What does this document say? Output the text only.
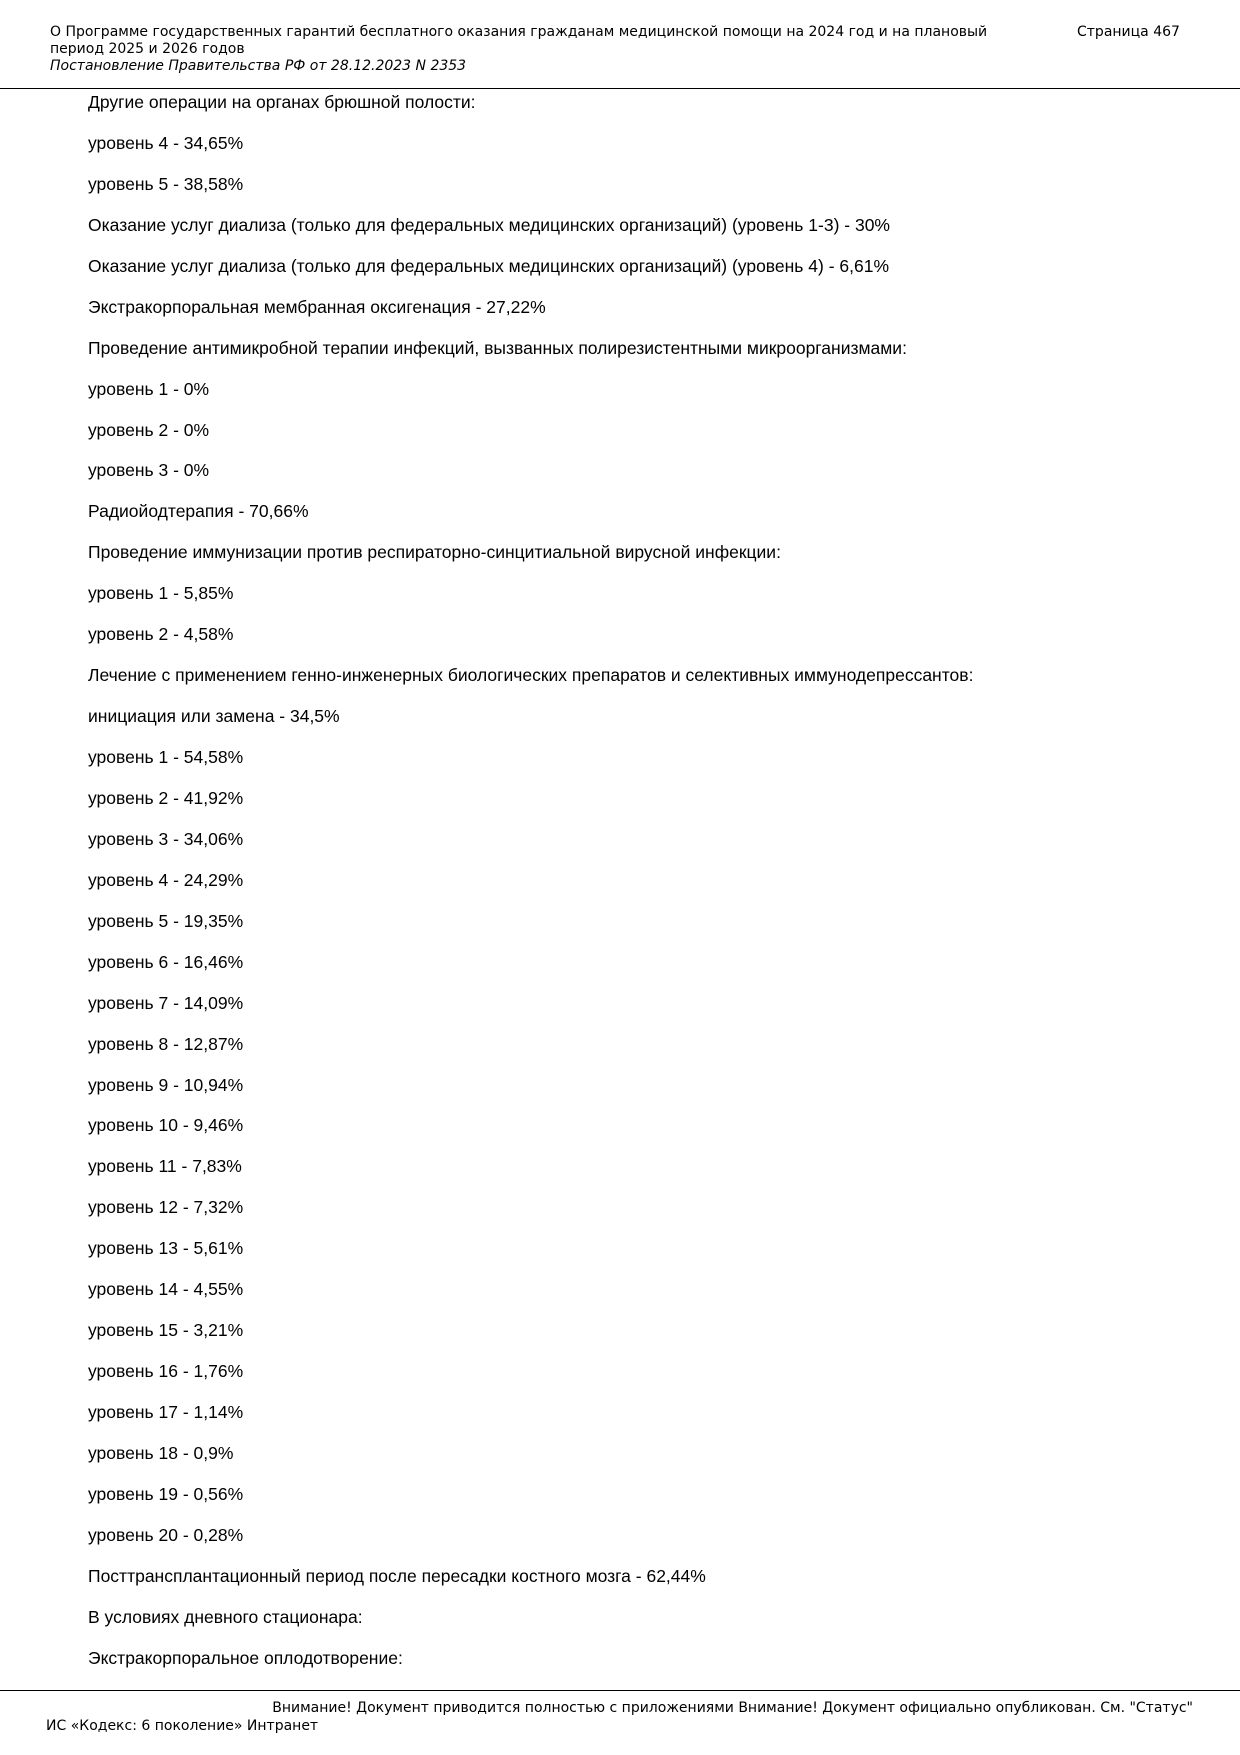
О Программе государственных гарантий бесплатного оказания гражданам медицинской помощи на 2024 год и на плановый период 2025 и 2026 годов
Страница 467
Постановление Правительства РФ от 28.12.2023 N 2353
Другие операции на органах брюшной полости:
уровень 4 - 34,65%
уровень 5 - 38,58%
Оказание услуг диализа (только для федеральных медицинских организаций) (уровень 1-3) - 30%
Оказание услуг диализа (только для федеральных медицинских организаций) (уровень 4) - 6,61%
Экстракорпоральная мембранная оксигенация - 27,22%
Проведение антимикробной терапии инфекций, вызванных полирезистентными микроорганизмами:
уровень 1 - 0%
уровень 2 - 0%
уровень 3 - 0%
Радиойодтерапия - 70,66%
Проведение иммунизации против респираторно-синцитиальной вирусной инфекции:
уровень 1 - 5,85%
уровень 2 - 4,58%
Лечение с применением генно-инженерных биологических препаратов и селективных иммунодепрессантов:
инициация или замена - 34,5%
уровень 1 - 54,58%
уровень 2 - 41,92%
уровень 3 - 34,06%
уровень 4 - 24,29%
уровень 5 - 19,35%
уровень 6 - 16,46%
уровень 7 - 14,09%
уровень 8 - 12,87%
уровень 9 - 10,94%
уровень 10 - 9,46%
уровень 11 - 7,83%
уровень 12 - 7,32%
уровень 13 - 5,61%
уровень 14 - 4,55%
уровень 15 - 3,21%
уровень 16 - 1,76%
уровень 17 - 1,14%
уровень 18 - 0,9%
уровень 19 - 0,56%
уровень 20 - 0,28%
Посттрансплантационный период после пересадки костного мозга - 62,44%
В условиях дневного стационара:
Экстракорпоральное оплодотворение:
Внимание! Документ приводится полностью с приложениями Внимание! Документ официально опубликован. См. "Статус"
ИС «Кодекс: 6 поколение» Интранет
